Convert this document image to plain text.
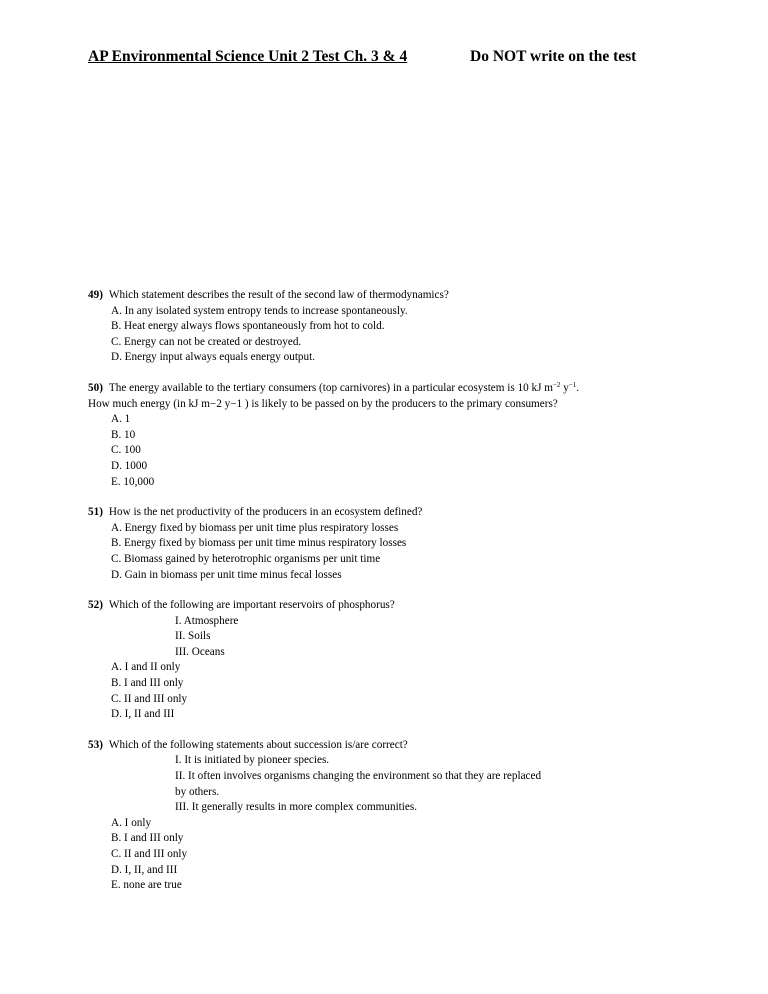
AP Environmental Science Unit 2 Test Ch. 3 & 4	Do NOT write on the test
49) Which statement describes the result of the second law of thermodynamics?
A. In any isolated system entropy tends to increase spontaneously.
B. Heat energy always flows spontaneously from hot to cold.
C. Energy can not be created or destroyed.
D. Energy input always equals energy output.
50) The energy available to the tertiary consumers (top carnivores) in a particular ecosystem is 10 kJ $m^{-2}$ $y^{-1}$.
How much energy (in kJ m−2 y−1 ) is likely to be passed on by the producers to the primary consumers?
A. 1
B. 10
C. 100
D. 1000
E. 10,000
51) How is the net productivity of the producers in an ecosystem defined?
A. Energy fixed by biomass per unit time plus respiratory losses
B. Energy fixed by biomass per unit time minus respiratory losses
C. Biomass gained by heterotrophic organisms per unit time
D. Gain in biomass per unit time minus fecal losses
52) Which of the following are important reservoirs of phosphorus?
I. Atmosphere
II. Soils
III. Oceans
A. I and II only
B. I and III only
C. II and III only
D. I, II and III
53) Which of the following statements about succession is/are correct?
I. It is initiated by pioneer species.
II. It often involves organisms changing the environment so that they are replaced
by others.
III. It generally results in more complex communities.
A. I only
B. I and III only
C. II and III only
D. I, II, and III
E. none are true
